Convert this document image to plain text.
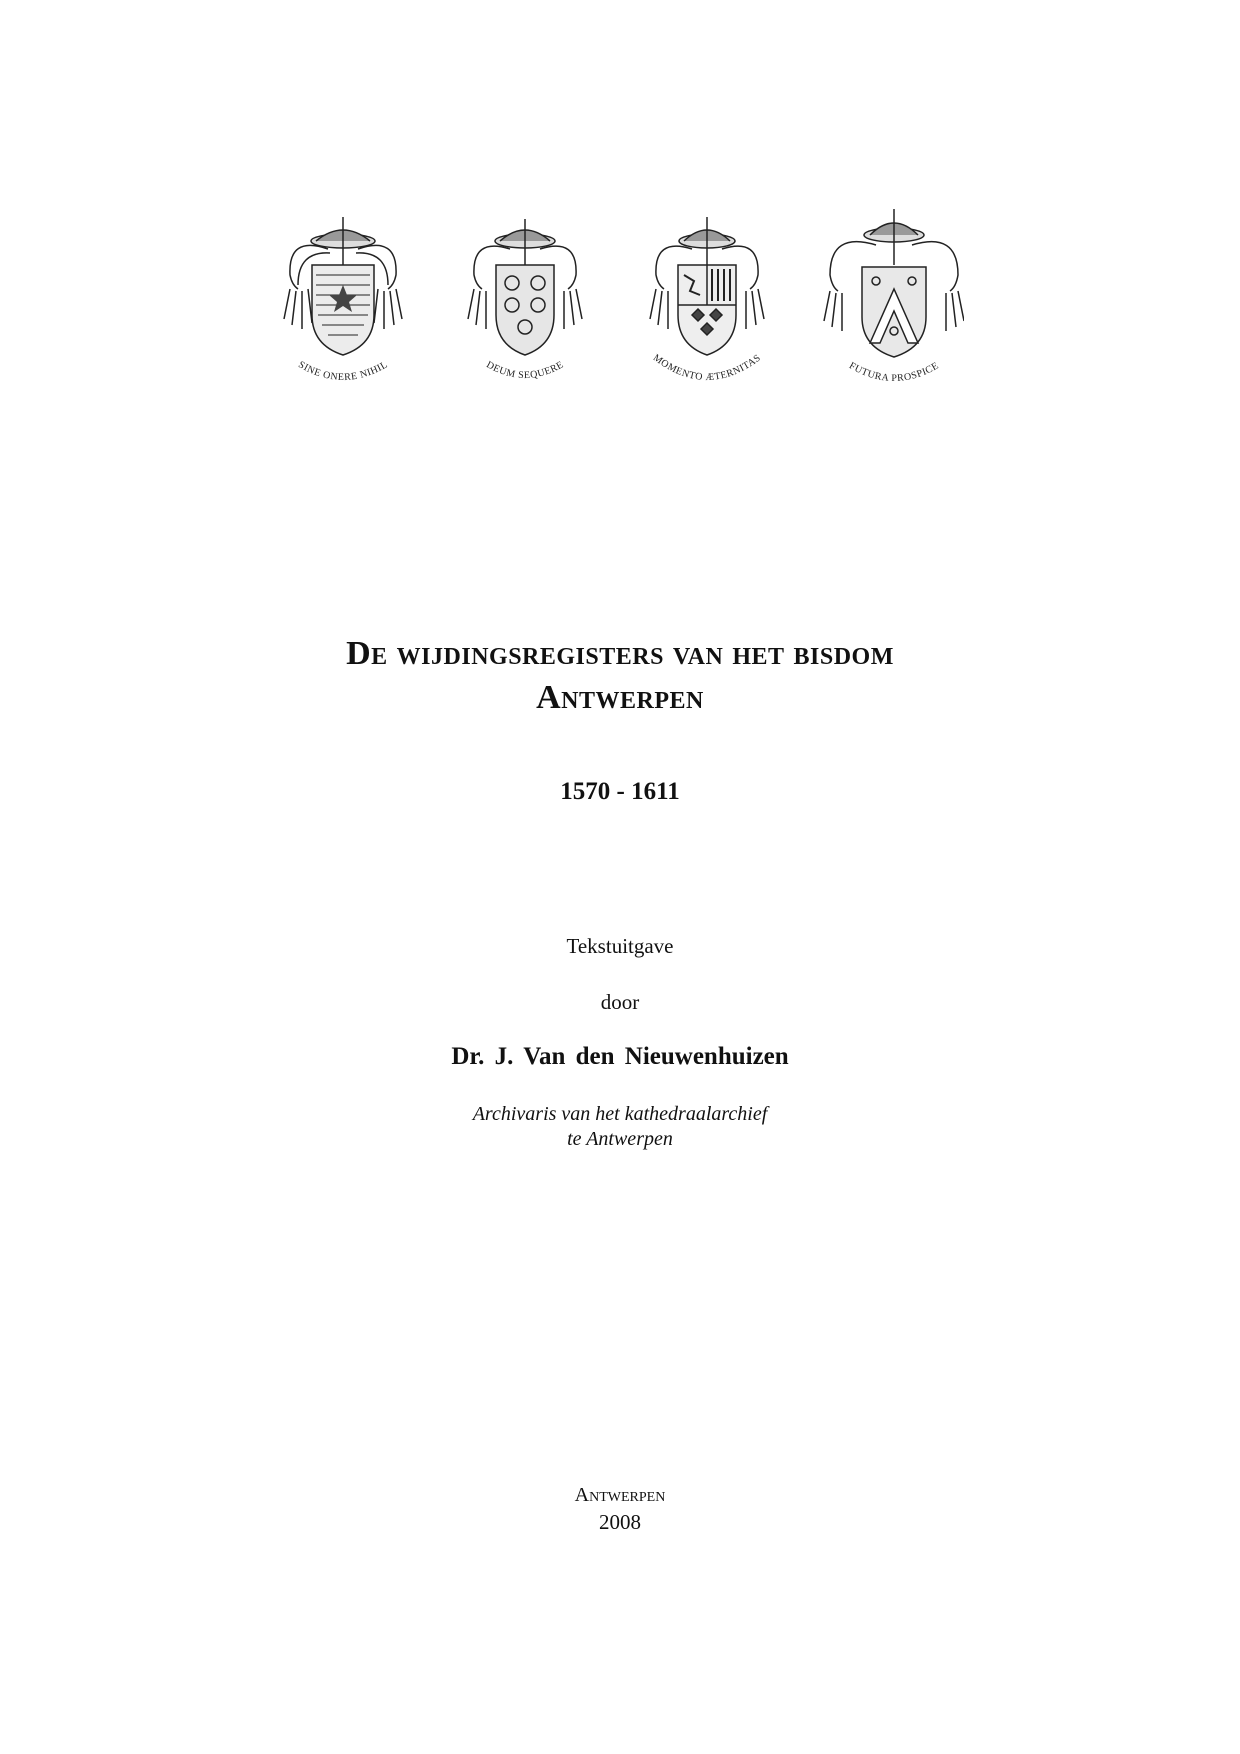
SINE ONERE NIHIL	DEUM SEQUERE	MOMENTO ÆTERNITAS
FUTURA PROSPICE
De wijdingsregisters van het bisdom
Antwerpen
1570 - 1611
Tekstuitgave
door
Dr. J. Van den Nieuwenhuizen
Archivaris van het kathedraalarchief
te Antwerpen
Antwerpen
2008
